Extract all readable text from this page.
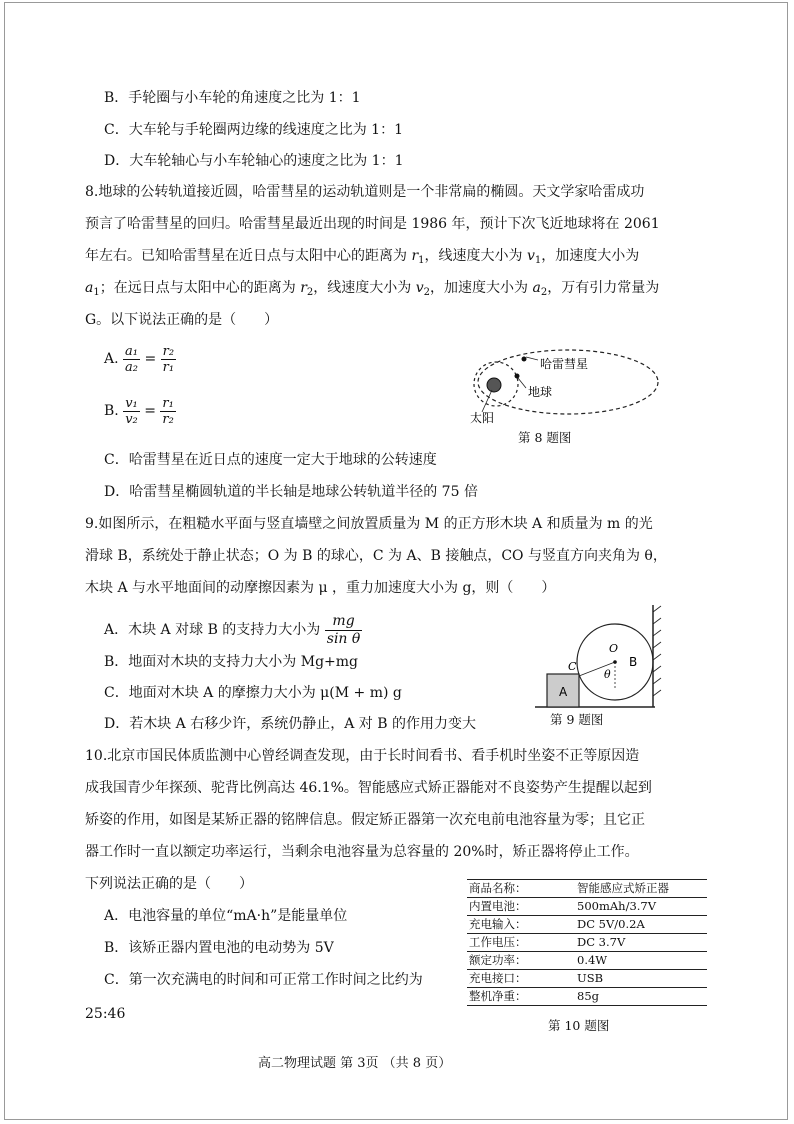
B．手轮圈与小车轮的角速度之比为 1：1
C．大车轮与手轮圈两边缘的线速度之比为 1：1
D．大车轮轴心与小车轮轴心的速度之比为 1：1
8.地球的公转轨道接近圆，哈雷彗星的运动轨道则是一个非常扁的椭圆。天文学家哈雷成功
预言了哈雷彗星的回归。哈雷彗星最近出现的时间是 1986 年，预计下次飞近地球将在 2061
年左右。已知哈雷彗星在近日点与太阳中心的距离为 $r_1$，线速度大小为 $v_1$，加速度大小为
$a_1$；在远日点与太阳中心的距离为 $r_2$，线速度大小为 $v_2$，加速度大小为 $a_2$，万有引力常量为
G。以下说法正确的是（　　）
A. $\frac{\text{a₁}}{\text{a₂}} = \frac{\text{r₂}}{\text{r₁}}$
B. $\frac{\text{v₁}}{\text{v₂}} = \frac{\text{r₁}}{\text{r₂}}$
C．哈雷彗星在近日点的速度一定大于地球的公转速度
D．哈雷彗星椭圆轨道的半长轴是地球公转轨道半径的 75 倍
哈雷彗星
地球
太阳
第 8 题图
9.如图所示，在粗糙水平面与竖直墙壁之间放置质量为 M 的正方形木块 A 和质量为 m 的光
滑球 B，系统处于静止状态；O 为 B 的球心，C 为 A、B 接触点，CO 与竖直方向夹角为 θ，
木块 A 与水平地面间的动摩擦因素为 μ ，重力加速度大小为 g，则（　　）
A．木块 A 对球 B 的支持力大小为 $\frac{mg}{\text{sin θ}}$
B．地面对木块的支持力大小为 Mg+mg
C．地面对木块 A 的摩擦力大小为 μ(M + m) g
D．若木块 A 右移少许，系统仍静止，A 对 B 的作用力变大
O
B
C
A
θ
第 9 题图
10.北京市国民体质监测中心曾经调查发现，由于长时间看书、看手机时坐姿不正等原因造
成我国青少年探颈、驼背比例高达 46.1%。智能感应式矫正器能对不良姿势产生提醒以起到
矫姿的作用，如图是某矫正器的铭牌信息。假定矫正器第一次充电前电池容量为零；且它正
器工作时一直以额定功率运行，当剩余电池容量为总容量的 20%时，矫正器将停止工作。
下列说法正确的是（　　）
A．电池容量的单位“mA·h”是能量单位
B．该矫正器内置电池的电动势为 5V
C．第一次充满电的时间和可正常工作时间之比约为
25:46
商品名称：	智能感应式矫正器
内置电池：	500mAh/3.7V
充电输入：	DC 5V/0.2A
工作电压：	DC 3.7V
额定功率：	0.4W
充电接口：	USB
整机净重：	85g
第 10 题图
高二物理试题 第 3页 （共 8 页）
